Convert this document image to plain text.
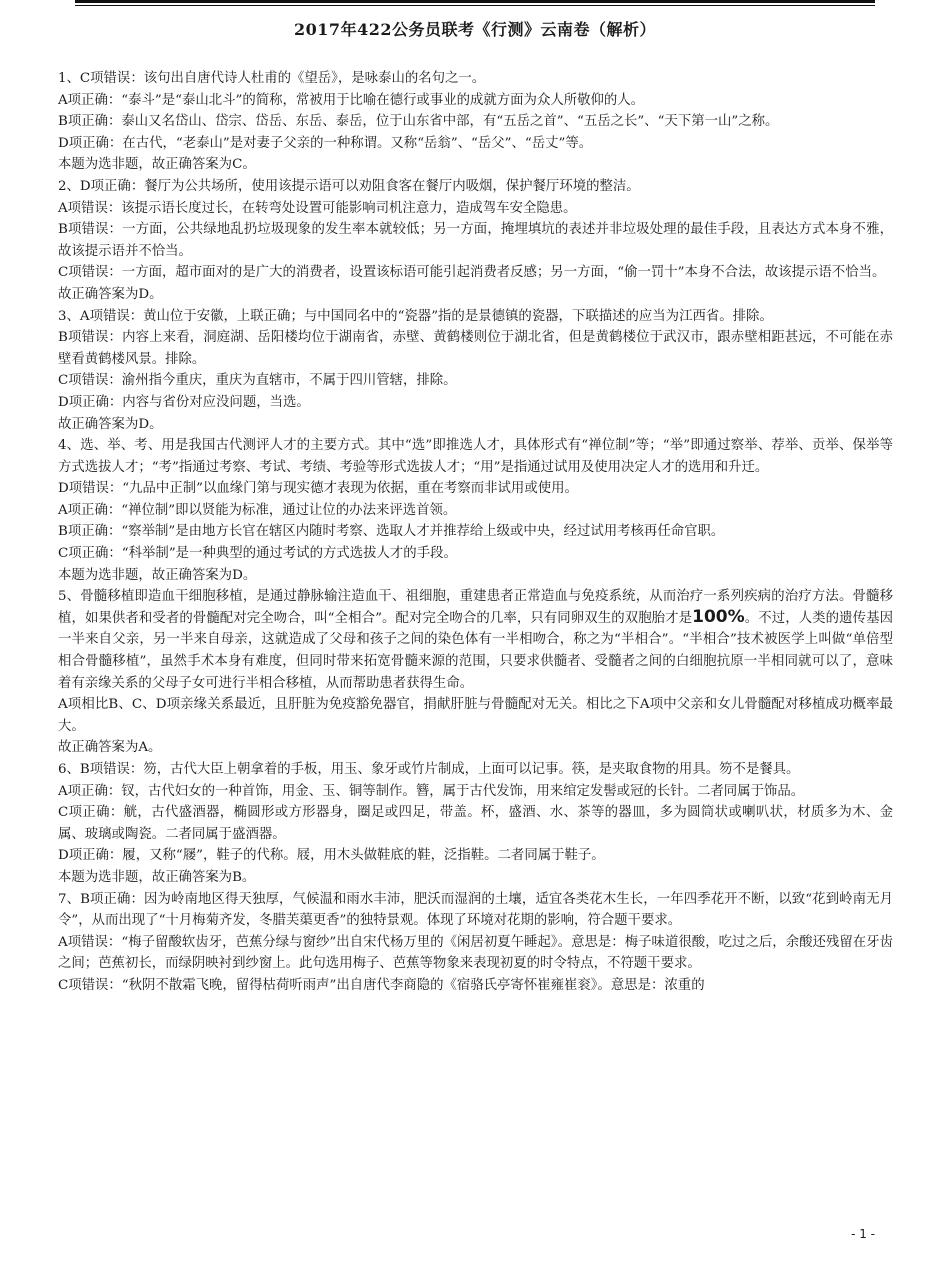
2017年422公务员联考《行测》云南卷（解析）

1、C项错误：该句出自唐代诗人杜甫的《望岳》，是咏泰山的名句之一。

A项正确：“泰斗”是“泰山北斗”的简称，常被用于比喻在德行或事业的成就方面为众人所敬仰的人。

B项正确：泰山又名岱山、岱宗、岱岳、东岳、泰岳，位于山东省中部，有“五岳之首”、“五岳之长”、“天下第一山”之称。

D项正确：在古代，“老泰山”是对妻子父亲的一种称谓。又称“岳翁”、“岳父”、“岳丈”等。

本题为选非题，故正确答案为C。

2、D项正确：餐厅为公共场所，使用该提示语可以劝阻食客在餐厅内吸烟，保护餐厅环境的整洁。

A项错误：该提示语长度过长，在转弯处设置可能影响司机注意力，造成驾车安全隐患。

B项错误：一方面，公共绿地乱扔垃圾现象的发生率本就较低；另一方面，掩埋填坑的表述并非垃圾处理的最佳手段，且表达方式本身不雅，故该提示语并不恰当。

C项错误：一方面，超市面对的是广大的消费者，设置该标语可能引起消费者反感；另一方面，“偷一罚十”本身不合法，故该提示语不恰当。

故正确答案为D。

3、A项错误：黄山位于安徽，上联正确；与中国同名中的“瓷器”指的是景德镇的瓷器，下联描述的应当为江西省。排除。

B项错误：内容上来看，洞庭湖、岳阳楼均位于湖南省，赤壁、黄鹤楼则位于湖北省，但是黄鹤楼位于武汉市，跟赤壁相距甚远，不可能在赤壁看黄鹤楼风景。排除。

C项错误：渝州指今重庆，重庆为直辖市，不属于四川管辖，排除。

D项正确：内容与省份对应没问题，当选。

故正确答案为D。

4、选、举、考、用是我国古代测评人才的主要方式。其中“选”即推选人才，具体形式有“禅位制”等；“举”即通过察举、荐举、贡举、保举等方式选拔人才；“考”指通过考察、考试、考绩、考验等形式选拔人才；“用”是指通过试用及使用决定人才的选用和升迁。

D项错误：“九品中正制”以血缘门第与现实德才表现为依据，重在考察而非试用或使用。

A项正确：“禅位制”即以贤能为标准，通过让位的办法来评选首领。

B项正确：“察举制”是由地方长官在辖区内随时考察、选取人才并推荐给上级或中央，经过试用考核再任命官职。

C项正确：“科举制”是一种典型的通过考试的方式选拔人才的手段。

本题为选非题，故正确答案为D。

5、骨髓移植即造血干细胞移植，是通过静脉输注造血干、祖细胞，重建患者正常造血与免疫系统，从而治疗一系列疾病的治疗方法。骨髓移植，如果供者和受者的骨髓配对完全吻合，叫“全相合”。配对完全吻合的几率，只有同卵双生的双胞胎才是100%。不过，人类的遗传基因一半来自父亲，另一半来自母亲，这就造成了父母和孩子之间的染色体有一半相吻合，称之为“半相合”。“半相合”技术被医学上叫做“单倍型相合骨髓移植”，虽然手术本身有难度，但同时带来拓宽骨髓来源的范围，只要求供髓者、受髓者之间的白细胞抗原一半相同就可以了，意味着有亲缘关系的父母子女可进行半相合移植，从而帮助患者获得生命。

A项相比B、C、D项亲缘关系最近，且肝脏为免疫豁免器官，捐献肝脏与骨髓配对无关。相比之下A项中父亲和女儿骨髓配对移植成功概率最大。

故正确答案为A。

6、B项错误：笏，古代大臣上朝拿着的手板，用玉、象牙或竹片制成，上面可以记事。筷，是夹取食物的用具。笏不是餐具。

A项正确：钗，古代妇女的一种首饰，用金、玉、铜等制作。簪，属于古代发饰，用来绾定发髻或冠的长针。二者同属于饰品。

C项正确：觥，古代盛酒器，椭圆形或方形器身，圈足或四足，带盖。杯，盛酒、水、茶等的器皿，多为圆筒状或喇叭状，材质多为木、金属、玻璃或陶瓷。二者同属于盛酒器。

D项正确：履，又称“屦”，鞋子的代称。屐，用木头做鞋底的鞋，泛指鞋。二者同属于鞋子。

本题为选非题，故正确答案为B。

7、B项正确：因为岭南地区得天独厚，气候温和雨水丰沛，肥沃而湿润的土壤，适宜各类花木生长，一年四季花开不断，以致“花到岭南无月令”，从而出现了“十月梅菊齐发，冬腊芙蕖更香”的独特景观。体现了环境对花期的影响，符合题干要求。

A项错误：“梅子留酸软齿牙，芭蕉分绿与窗纱”出自宋代杨万里的《闲居初夏午睡起》。意思是：梅子味道很酸，吃过之后，余酸还残留在牙齿之间；芭蕉初长，而绿阴映衬到纱窗上。此句选用梅子、芭蕉等物象来表现初夏的时令特点，不符题干要求。

C项错误：“秋阴不散霜飞晚，留得枯荷听雨声”出自唐代李商隐的《宿骆氏亭寄怀崔雍崔衮》。意思是：浓重的

- 1 -
